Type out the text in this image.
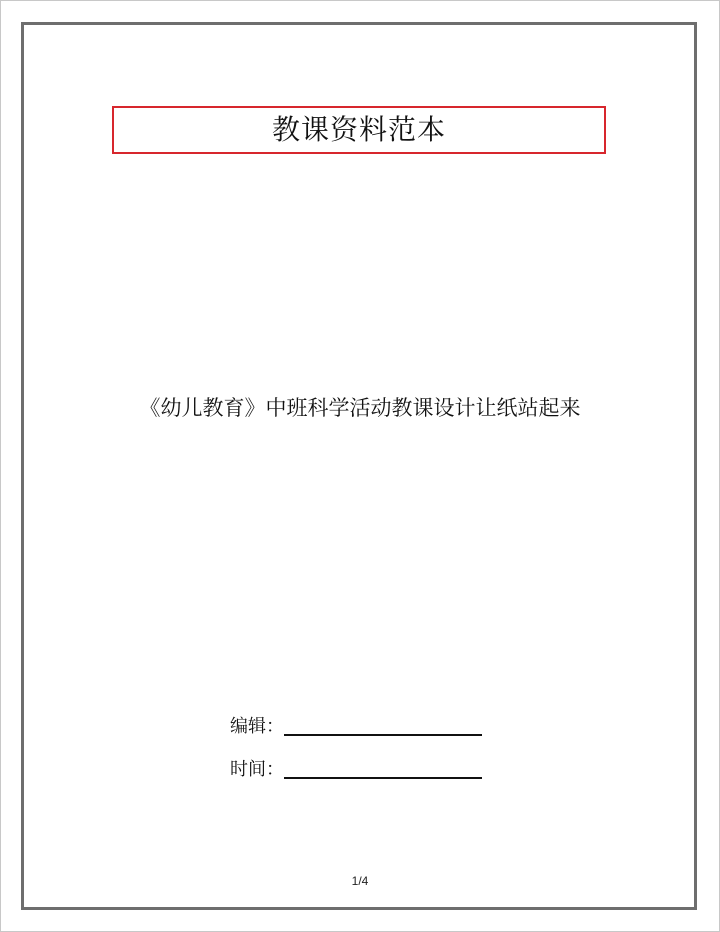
教课资料范本
《幼儿教育》中班科学活动教课设计让纸站起来
编辑：
时间：
1/4
